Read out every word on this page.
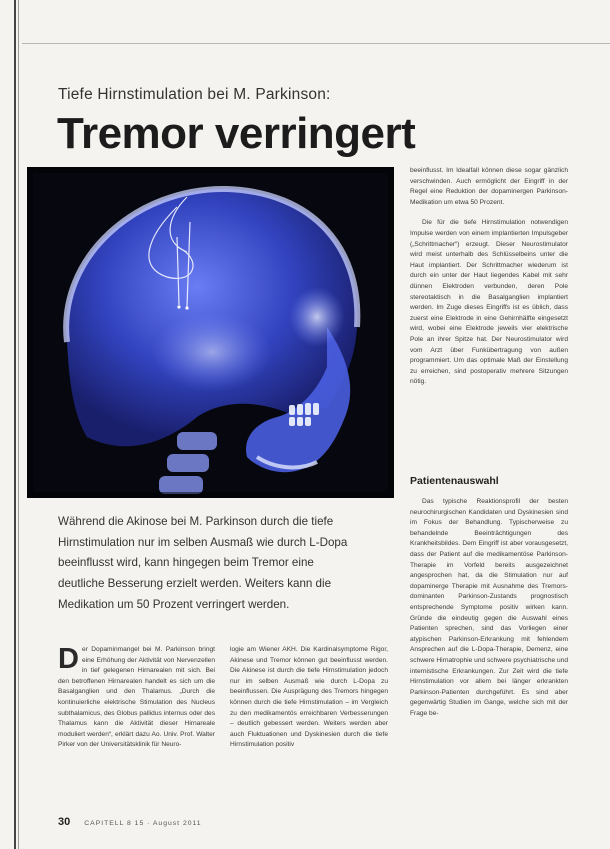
Tiefe Hirnstimulation bei M. Parkinson:
Tremor verringert

Während die Akinose bei M. Parkinson durch die tiefe Hirnstimulation nur im selben Ausmaß wie durch L-Dopa beeinflusst wird, kann hingegen beim Tremor eine deutliche Besserung erzielt werden. Weiters kann die Medikation um 50 Prozent verringert werden.

Der Dopaminmangel bei M. Parkinson bringt eine Erhöhung der Aktivität von Nervenzellen in tief gelegenen Hirnarealen mit sich. Bei den betroffenen Hirnarealen handelt es sich um die Basalganglien und den Thalamus. „Durch die kontinuierliche elektrische Stimulation des Nucleus subthalamicus, des Globus pallidus internus oder des Thalamus kann die Aktivität dieser Hirnareale moduliert werden“, erklärt dazu Ao. Univ. Prof. Walter Pirker von der Universitätsklinik für Neuro-

logie am Wiener AKH. Die Kardinalsymptome Rigor, Akinese und Tremor können gut beeinflusst werden. Die Akinese ist durch die tiefe Hirnstimulation jedoch nur im selben Ausmaß wie durch L-Dopa zu beeinflussen. Die Ausprägung des Tremors hingegen können durch die tiefe Hirnstimulation – im Vergleich zu den medikamentös erreichbaren Verbesserungen – deutlich gebessert werden. Weiters werden aber auch Fluktuationen und Dyskinesien durch die tiefe Hirnstimulation positiv

beeinflusst. Im Idealfall können diese sogar gänzlich verschwinden. Auch ermöglicht der Eingriff in der Regel eine Reduktion der dopaminergen Parkinson-Medikation um etwa 50 Prozent.

Die für die tiefe Hirnstimulation notwendigen Impulse werden von einem implantierten Impulsgeber („Schrittmacher“) erzeugt. Dieser Neurostimulator wird meist unterhalb des Schlüsselbeins unter die Haut implantiert. Der Schrittmacher wiederum ist durch ein unter der Haut liegendes Kabel mit sehr dünnen Elektroden verbunden, deren Pole stereotaktisch in die Basalganglien implantiert werden. Im Zuge dieses Eingriffs ist es üblich, dass zuerst eine Elektrode in eine Gehirnhälfte eingesetzt wird, wobei eine Elektrode jeweils vier elektrische Pole an ihrer Spitze hat. Der Neurostimulator wird vom Arzt über Funkübertragung von außen programmiert. Um das optimale Maß der Einstellung zu erreichen, sind postoperativ mehrere Sitzungen nötig.

Patientenauswahl

Das typische Reaktionsprofil der besten neurochirurgischen Kandidaten und Dyskinesien sind im Fokus der Behandlung. Typischerweise zu behandelnde Beeinträchtigungen des Krankheitsbildes. Dem Eingriff ist aber vorausgesetzt, dass der Patient auf die medikamentöse Parkinson-Therapie im Vorfeld bereits ausgezeichnet angesprochen hat, da die Stimulation nur auf dopaminerge Therapie mit Ausnahme des Tremors-dominanten Parkinson-Zustands prognostisch entsprechende Symptome positiv wirken kann. Gründe die eindeutig gegen die Auswahl eines Patienten sprechen, sind das Vorliegen einer atypischen Parkinson-Erkrankung mit fehlendem Ansprechen auf die L-Dopa-Therapie, Demenz, eine schwere Hirnatrophie und schwere psychiatrische und internistische Erkrankungen. Zur Zeit wird die tiefe Hirnstimulation vor allem bei länger erkrankten Parkinson-Patienten durchgeführt. Es sind aber gegenwärtig Studien im Gange, welche sich mit der Frage be-

30 CAPITELL 8 15 · August 2011
